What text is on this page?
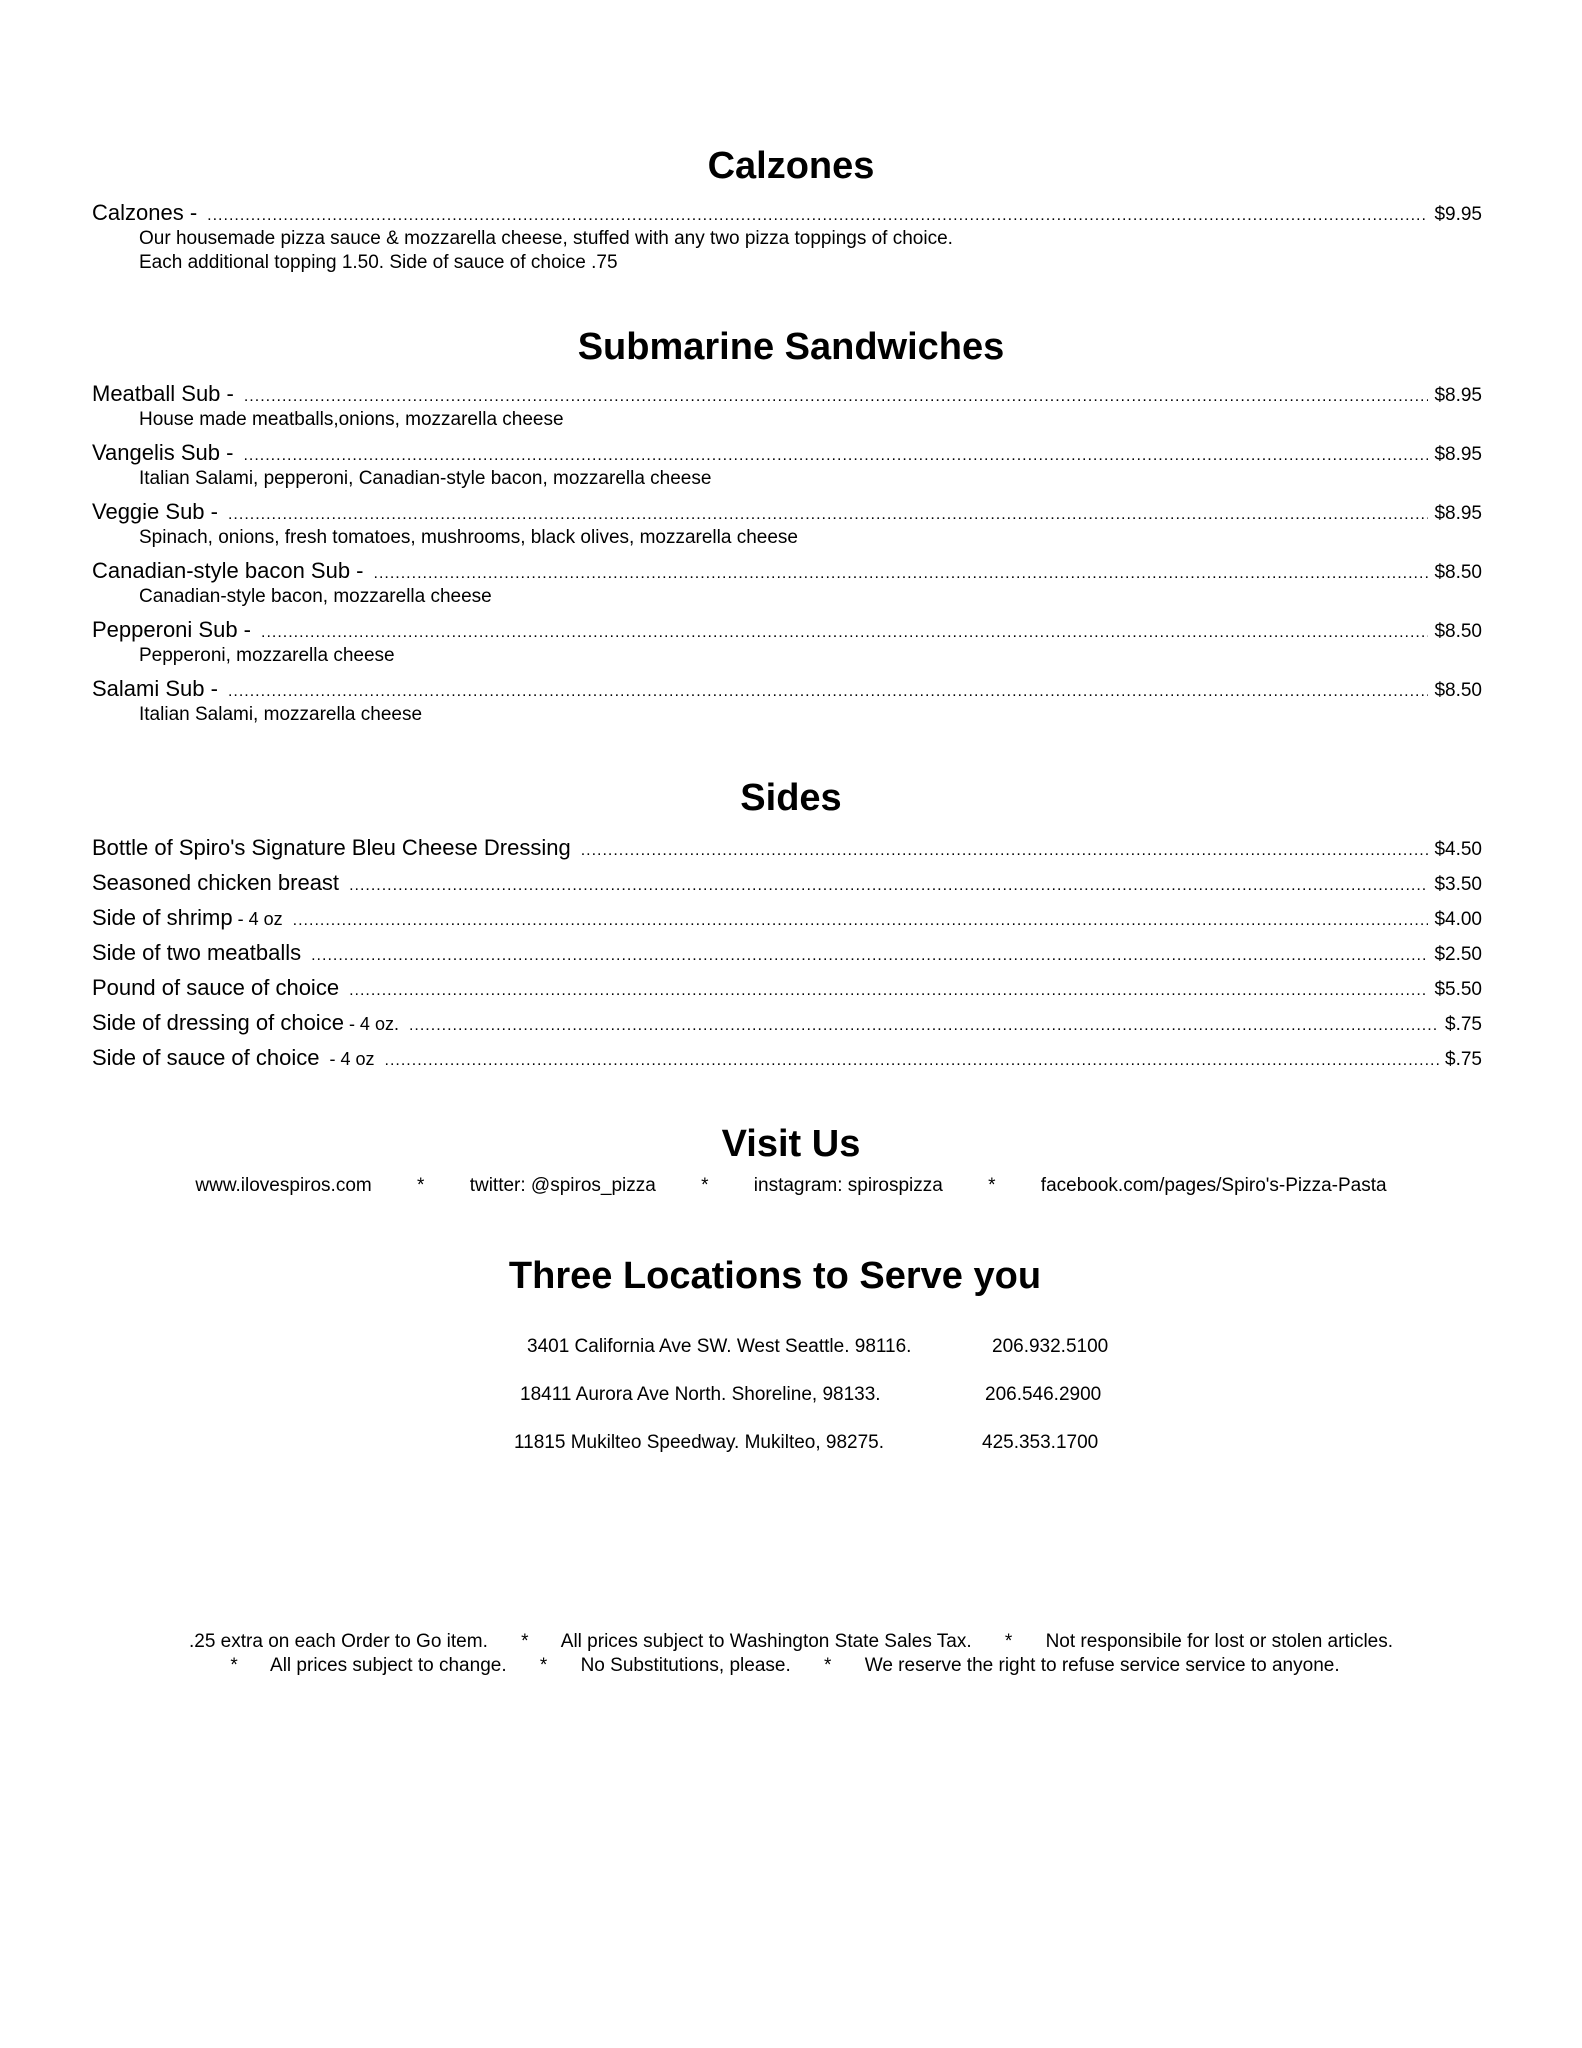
Calzones
Calzones - .....	$9.95
Our housemade pizza sauce & mozzarella cheese, stuffed with any two pizza toppings of choice.
Each additional topping 1.50. Side of sauce of choice .75
Submarine Sandwiches
Meatball Sub - .....	$8.95
House made meatballs,onions, mozzarella cheese
Vangelis Sub - .....	$8.95
Italian Salami, pepperoni, Canadian-style bacon, mozzarella cheese
Veggie Sub - .....	$8.95
Spinach, onions, fresh tomatoes, mushrooms, black olives, mozzarella cheese
Canadian-style bacon Sub - .....	$8.50
Canadian-style bacon, mozzarella cheese
Pepperoni Sub - .....	$8.50
Pepperoni, mozzarella cheese
Salami Sub - .....	$8.50
Italian Salami, mozzarella cheese
Sides
Bottle of Spiro's Signature Bleu Cheese Dressing .....	$4.50
Seasoned chicken breast .....	$3.50
Side of shrimp - 4 oz .....	$4.00
Side of two meatballs .....	$2.50
Pound of sauce of choice .....	$5.50
Side of dressing of choice - 4 oz. .....	$.75
Side of sauce of choice  - 4 oz .....	$.75
Visit Us
www.ilovespiros.com * twitter: @spiros_pizza * instagram: spirospizza * facebook.com/pages/Spiro's-Pizza-Pasta
Three Locations to Serve you
3401 California Ave SW. West Seattle. 98116.	206.932.5100
18411 Aurora Ave North. Shoreline, 98133.	206.546.2900
11815 Mukilteo Speedway. Mukilteo, 98275.	425.353.1700
.25 extra on each Order to Go item. * All prices subject to Washington State Sales Tax. * Not responsibile for lost or stolen articles.
* All prices subject to change. * No Substitutions, please. * We reserve the right to refuse service service to anyone.
